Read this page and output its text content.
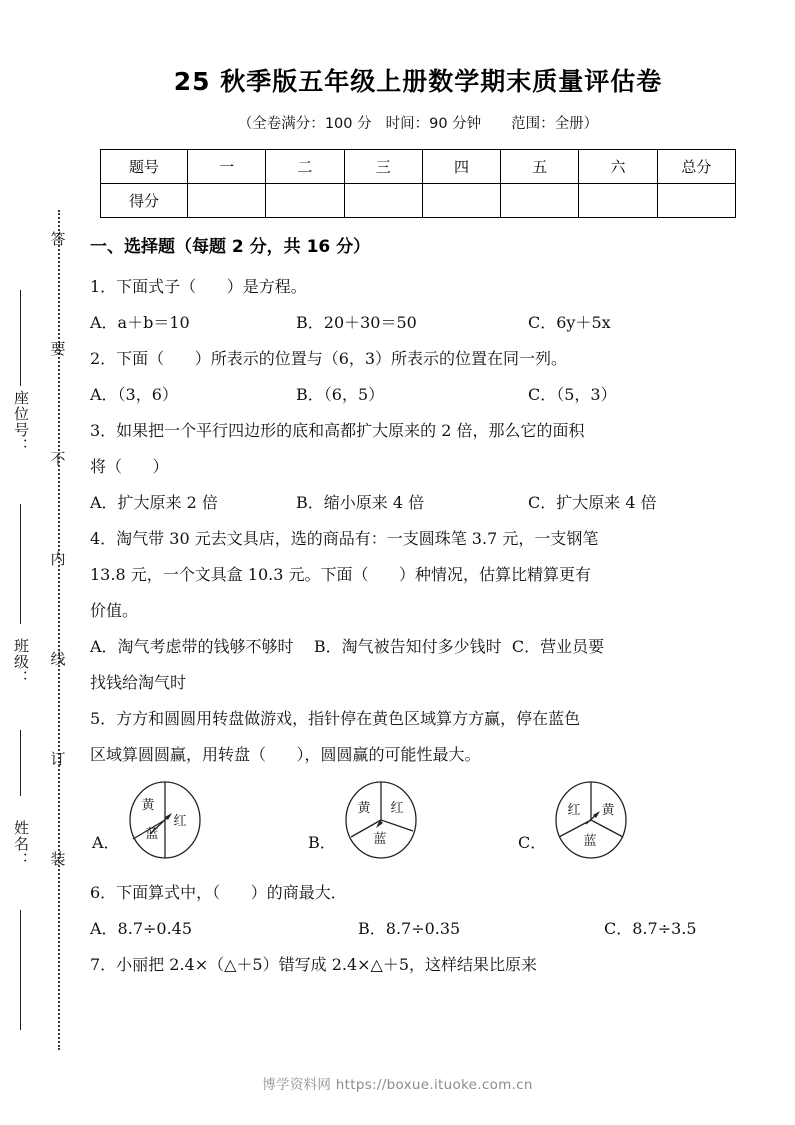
答
要
不
内
线
订
装
座位号：
班级：
姓名：
25 秋季版五年级上册数学期末质量评估卷
（全卷满分：100 分 时间：90 分钟 范围：全册）
题号	一	二	三	四	五	六	总分
得分							
一、选择题（每题 2 分，共 16 分）
1．下面式子（      ）是方程。
A．a＋b＝10	B．20＋30＝50	C．6y＋5x
2．下面（      ）所表示的位置与（6，3）所表示的位置在同一列。
A．（3，6）	B．（6，5）	C．（5，3）
3．如果把一个平行四边形的底和高都扩大原来的 2 倍，那么它的面积
将（      ）
A．扩大原来 2 倍	B．缩小原来 4 倍	C．扩大原来 4 倍
4．淘气带 30 元去文具店，选的商品有：一支圆珠笔 3.7 元，一支钢笔
13.8 元，一个文具盒 10.3 元。下面（      ）种情况，估算比精算更有
价值。
A．淘气考虑带的钱够不够时    B．淘气被告知付多少钱时  C．营业员要
找钱给淘气时
5．方方和圆圆用转盘做游戏，指针停在黄色区域算方方赢，停在蓝色
区域算圆圆赢，用转盘（      ），圆圆赢的可能性最大。
A．
黄
蓝
红
B．
黄 红
蓝	C．
红 黄
蓝
6．下面算式中，（      ）的商最大．
A．8.7÷0.45	B．8.7÷0.35	C．8.7÷3.5
7．小丽把 2.4×（△＋5）错写成 2.4×△＋5，这样结果比原来
博学资料网 https://boxue.ituoke.com.cn
